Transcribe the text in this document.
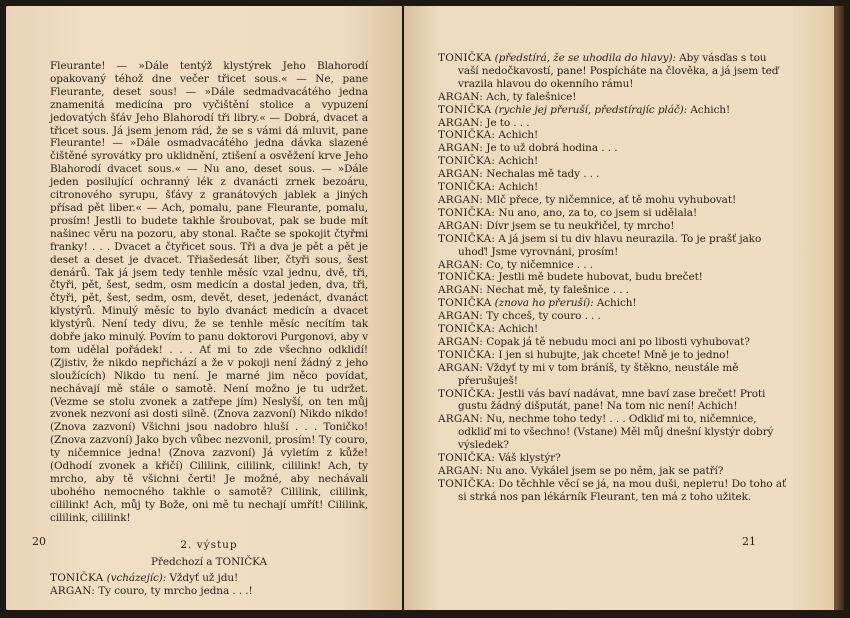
Fleurante! — »Dále tentýž klystýrek Jeho Blahorodí opakovaný téhož dne večer třicet sous.« — Ne, pane Fleurante, deset sous! — »Dále sedmadvacátého jedna znamenitá medicína pro vyčištění stolice a vypuzení jedovatých šťáv Jeho Blahorodí tři libry.« — Dobrá, dvacet a třicet sous. Já jsem jenom rád, že se s vámi dá mluvit, pane Fleurante! — »Dále osmadvacátého jedna dávka slazené čištěné syrovátky pro uklidnění, ztišení a osvěžení krve Jeho Blahorodí dvacet sous.« — Nu ano, deset sous. — »Dále jeden posilující ochranný lék z dvanácti zrnek bezoáru, citronového syrupu, šťávy z granátových jablek a jiných přísad pět liber.« — Ach, pomalu, pane Fleurante, pomalu, prosím! Jestli to budete takhle šroubovat, pak se bude mít našinec věru na pozoru, aby stonal. Račte se spokojit čtyřmi franky! . . . Dvacet a čtyřicet sous. Tři a dva je pět a pět je deset a deset je dvacet. Třiašedesát liber, čtyři sous, šest denárů. Tak já jsem tedy tenhle měsíc vzal jednu, dvě, tři, čtyři, pět, šest, sedm, osm medicín a dostal jeden, dva, tři, čtyři, pět, šest, sedm, osm, devět, deset, jedenáct, dvanáct klystýrů. Minulý měsíc to bylo dvanáct medicín a dvacet klystýrů. Není tedy divu, že se tenhle měsíc necítím tak dobře jako minulý. Povím to panu doktorovi Purgonovi, aby v tom udělal pořádek! . . . Ať mi to zde všechno odklidí! (Zjistiv, že nikdo nepřichází a že v pokoji není žádný z jeho sloužících) Nikdo tu není. Je marné jim něco povídat, nechávají mě stále o samotě. Není možno je tu udržet. (Vezme se stolu zvonek a zatřepe jím) Neslyší, on ten můj zvonek nezvoní asi dosti silně. (Znova zazvoní) Nikdo nikdo! (Znova zazvoní) Všichni jsou nadobro hluší . . . Toničko! (Znova zazvoní) Jako bych vůbec nezvonil, prosím! Ty couro, ty ničemnice jedna! (Znova zazvoní) Já vyletím z kůže! (Odhodí zvonek a křičí) Cililink, cililink, cililink! Ach, ty mrcho, aby tě všichni čerti! Je možné, aby nechávali ubohého nemocného takhle o samotě? Cililink, cililink, cililink! Ach, můj ty Bože, oni mě tu nechají umřít! Cililink, cililink, cililink!

2. výstup
Předchozí a TONIČKA

TONIČKA (vcházejíc): Vždyť už jdu!

ARGAN: Ty couro, ty mrcho jedna . . .!

20

TONIČKA (předstírá, že se uhodila do hlavy): Aby vásďas s tou vaší nedočkavostí, pane! Pospícháte na člověka, a já jsem teď vrazila hlavou do okenního rámu!

ARGAN: Ach, ty falešnice!

TONIČKA (rychle jej přeruší, předstírajíc pláč): Achich!

ARGAN: Je to . . .

TONIČKA: Achich!

ARGAN: Je to už dobrá hodina . . .

TONIČKA: Achich!

ARGAN: Nechalas mě tady . . .

TONIČKA: Achich!

ARGAN: Mlč přece, ty ničemnice, ať tě mohu vyhubovat!

TONIČKA: Nu ano, ano, za to, co jsem si udělala!

ARGAN: Dívr jsem se tu neukřičel, ty mrcho!

TONIČKA: A já jsem si tu div hlavu neurazila. To je prašť jako uhoď! Jsme vyrovnáni, prosím!

ARGAN: Co, ty ničemnice . . .

TONIČKA: Jestli mě budete hubovat, budu brečet!

ARGAN: Nechat mě, ty falešnice . . .

TONIČKA (znova ho přeruší): Achich!

ARGAN: Ty chceš, ty couro . . .

TONIČKA: Achich!

ARGAN: Copak já tě nebudu moci ani po libosti vyhubovat?

TONIČKA: I jen si hubujte, jak chcete! Mně je to jedno!

ARGAN: Vždyť ty mi v tom bráníš, ty štěkno, neustále mě přerušuješ!

TONIČKA: Jestli vás baví nadávat, mne baví zase brečet! Proti gustu žádný dišputát, pane! Na tom nic není! Achich!

ARGAN: Nu, nechme toho tedy! . . . Odkliď mi to, ničemnice, odkliď mi to všechno! (Vstane) Měl můj dnešní klystýr dobrý výsledek?

TONIČKA: Váš klystýr?

ARGAN: Nu ano. Vykálel jsem se po něm, jak se patří?

TONIČKA: Do těchhle věcí se já, na mou duši, neplетu! Do toho ať si strká nos pan lékárník Fleurant, ten má z toho užitek.

21
